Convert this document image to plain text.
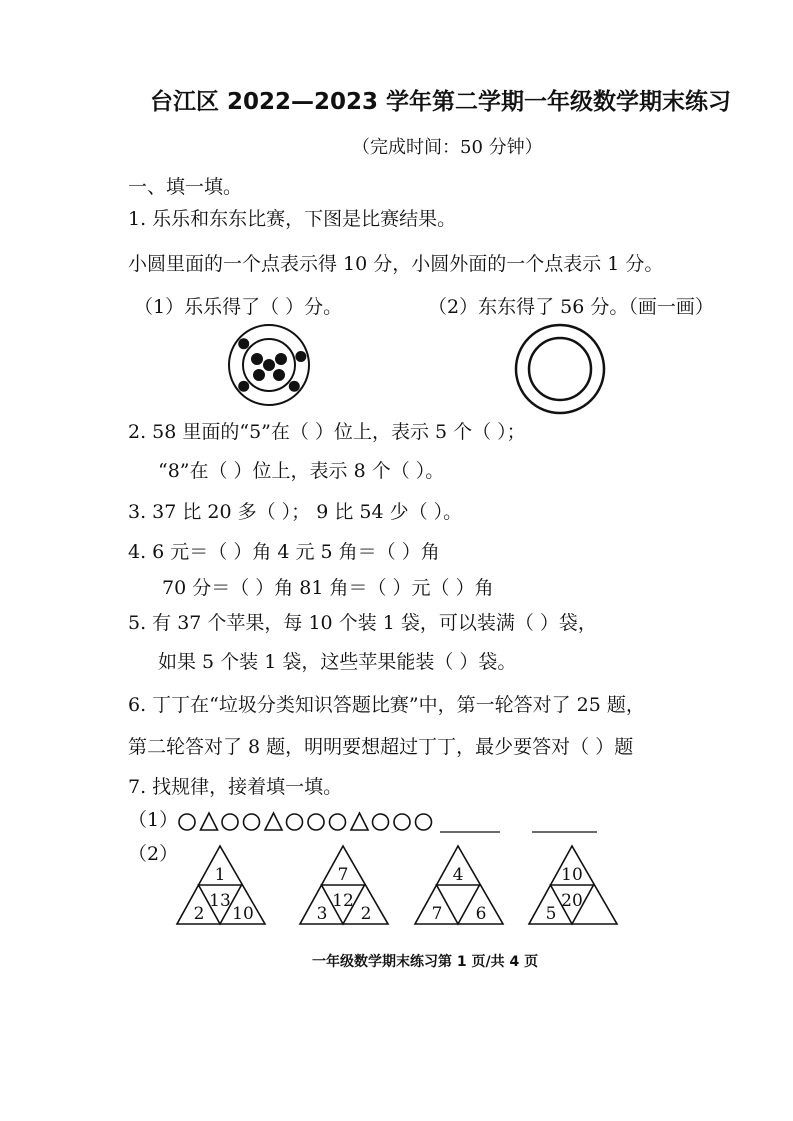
台江区 2022—2023 学年第二学期一年级数学期末练习
（完成时间：50 分钟）
一、填一填。
1. 乐乐和东东比赛，下图是比赛结果。
小圆里面的一个点表示得 10 分，小圆外面的一个点表示 1 分。
（1）乐乐得了（ ）分。	（2）东东得了 56 分。（画一画）
2. 58 里面的“5”在（ ）位上，表示 5 个（ ）；
“8”在（ ）位上，表示 8 个（ ）。
3. 37 比 20 多（ ）； 9 比 54 少（ ）。
4. 6 元＝（ ）角 4 元 5 角＝（ ）角
70 分＝（ ）角 81 角＝（ ）元（ ）角
5. 有 37 个苹果，每 10 个装 1 袋，可以装满（ ）袋，
如果 5 个装 1 袋，这些苹果能装（ ）袋。
6. 丁丁在“垃圾分类知识答题比赛”中，第一轮答对了 25 题，
第二轮答对了 8 题，明明要想超过丁丁，最少要答对（ ）题
7. 找规律，接着填一填。
（1）
（2）
1
13
2 10
7
12
3 2
4
7 6
10
20
5
一年级数学期末练习第 1 页/共 4 页
